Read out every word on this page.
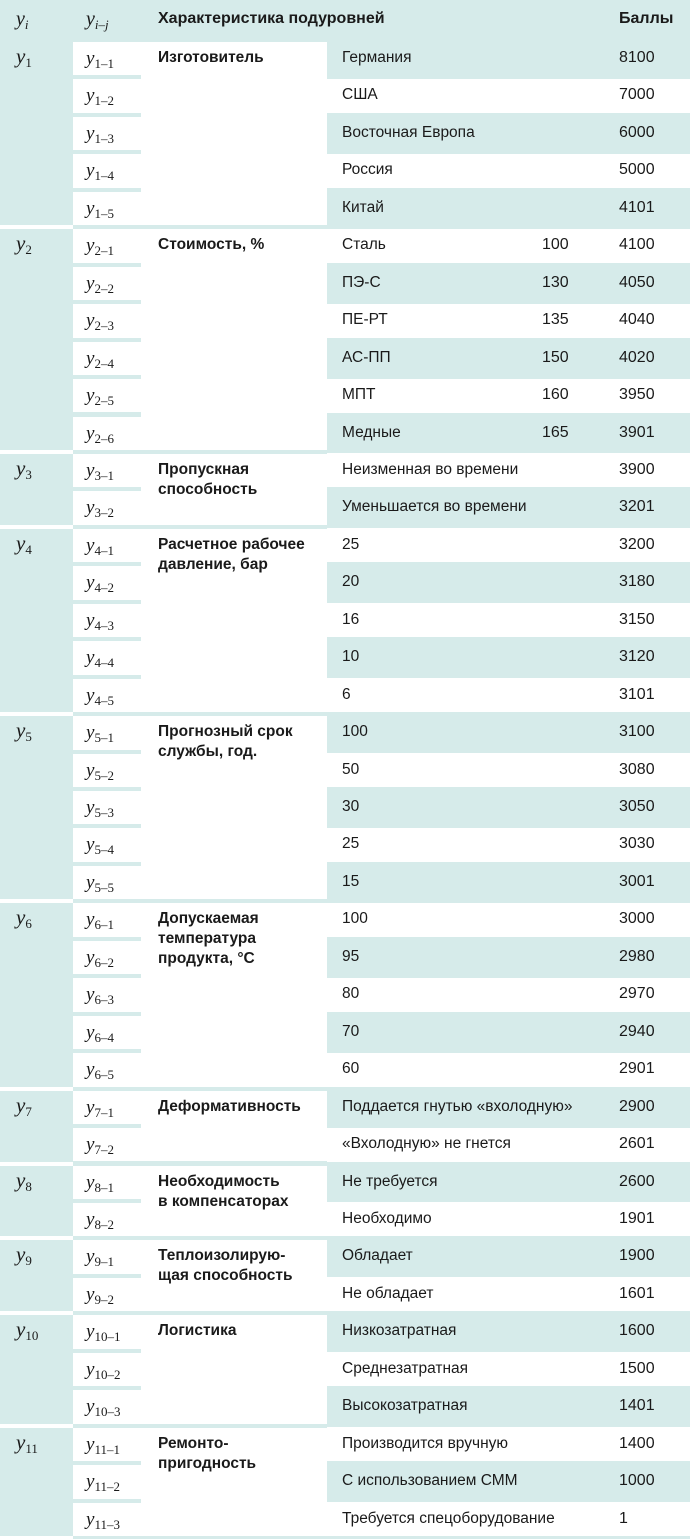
$y_i$	$y_{i-j}$	Характеристика подуровней	Баллы
$y_1$	Изготовитель
$y_{1-1}$	Германия	8100
$y_{1-2}$	США	7000
$y_{1-3}$	Восточная Европа	6000
$y_{1-4}$	Россия	5000
$y_{1-5}$	Китай	4101
$y_2$	Стоимость, %
$y_{2-1}$	Сталь	100	4100
$y_{2-2}$	ПЭ-С	130	4050
$y_{2-3}$	ПЕ-РТ	135	4040
$y_{2-4}$	АС-ПП	150	4020
$y_{2-5}$	МПТ	160	3950
$y_{2-6}$	Медные	165	3901
$y_3$	Пропускная
способность
$y_{3-1}$	Неизменная во времени	3900
$y_{3-2}$	Уменьшается во времени	3201
$y_4$	Расчетное рабочее
давление, бар
$y_{4-1}$	25	3200
$y_{4-2}$	20	3180
$y_{4-3}$	16	3150
$y_{4-4}$	10	3120
$y_{4-5}$	6	3101
$y_5$	Прогнозный срок
службы, год.
$y_{5-1}$	100	3100
$y_{5-2}$	50	3080
$y_{5-3}$	30	3050
$y_{5-4}$	25	3030
$y_{5-5}$	15	3001
$y_6$	Допускаемая
температура
продукта, °C
$y_{6-1}$	100	3000
$y_{6-2}$	95	2980
$y_{6-3}$	80	2970
$y_{6-4}$	70	2940
$y_{6-5}$	60	2901
$y_7$	Деформативность
$y_{7-1}$	Поддается гнутью «вхолодную»	2900
$y_{7-2}$	«Вхолодную» не гнется	2601
$y_8$	Необходимость
в компенсаторах
$y_{8-1}$	Не требуется	2600
$y_{8-2}$	Необходимо	1901
$y_9$	Теплоизолирую-
щая способность
$y_{9-1}$	Обладает	1900
$y_{9-2}$	Не обладает	1601
$y_{10}$	Логистика
$y_{10-1}$	Низкозатратная	1600
$y_{10-2}$	Среднезатратная	1500
$y_{10-3}$	Высокозатратная	1401
$y_{11}$	Ремонто-
пригодность
$y_{11-1}$	Производится вручную	1400
$y_{11-2}$	С использованием СММ	1000
$y_{11-3}$	Требуется спецоборудование	1
